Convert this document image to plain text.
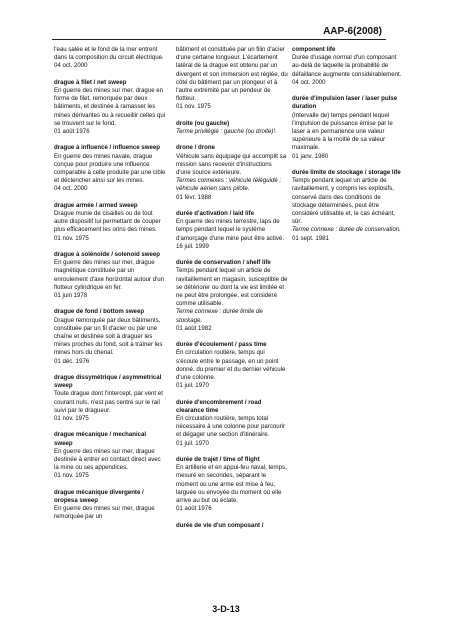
AAP-6(2008)
l'eau salée et le fond de la mer entrent dans la composition du circuit électrique.
04 oct. 2000
drague à filet / net sweep
En guerre des mines sur mer, drague en forme de filet, remorquée par deux bâtiments, et destinée à ramasser les mines dérivantes ou à recueillir celles qui se trouvent sur le fond.
01 août 1976
drague à influence / influence sweep
En guerre des mines navale, drague conçue pour produire une influence comparable à celle produite par une cible et déclencher ainsi sur les mines.
04 oct. 2000
drague armée / armed sweep
Drague munie de cisailles ou de tout autre dispositif lui permettant de couper plus efficacement les orins des mines.
01 nov. 1975
drague à solénoïde / solenoid sweep
En guerre des mines sur mer, drague magnétique constituée par un enroulement d'axe horizontal autour d'un flotteur cylindrique en fer.
01 juin 1978
drague de fond / bottom sweep
Drague remorquée par deux bâtiments, constituée par un fil d'acier ou par une chaîne et destinée soit à draguer les mines proches du fond, soit à traîner les mines hors du chenal.
01 déc. 1976
drague dissymétrique / asymmetrical sweep
Toute drague dont l'intercept, par vent et courant nuls, n'est pas centré sur le rail suivi par le dragueur.
01 nov. 1975
drague mécanique / mechanical sweep
En guerre des mines sur mer, drague destinée à entrer en contact direct avec la mine ou ses appendices.
01 nov. 1975
drague mécanique divergente / oropesa sweep
En guerre des mines sur mer, drague remorquée par un
bâtiment et constituée par un filin d'acier d'une certaine longueur. L'écartement latéral de la drague est obtenu par un divergent et son immersion est réglée, du côté du bâtiment par un plongeur et à l'autre extrémité par un pendeur de flotteur.
01 nov. 1975
droite (ou gauche)
Terme privilégié : gauche (ou droite)¹.
drone / drone
Véhicule sans équipage qui accomplit sa mission sans recevoir d'instructions d'une source extérieure.
Termes connexes : véhicule téléguidé ; véhicule aérien sans pilote.
01 févr. 1988
durée d'activation / laid life
En guerre des mines terrestre, laps de temps pendant lequel le système d'amorçage d'une mine peut être activé.
16 juil. 1999
durée de conservation / shelf life
Temps pendant lequel un article de ravitaillement en magasin, susceptible de se détériorer ou dont la vie est limitée et ne peut être prolongée, est considéré comme utilisable.
Terme connexe : durée limite de stockage.
01 août 1982
durée d'écoulement / pass time
En circulation routière, temps qui s'écoule entre le passage, en un point donné, du premier et du dernier véhicule d'une colonne.
01 juil. 1970
durée d'encombrement / road clearance time
En circulation routière, temps total nécessaire à une colonne pour parcourir et dégager une section d'itinéraire.
01 juil. 1970
durée de trajet / time of flight
En artillerie et en appui-feu naval, temps, mesuré en secondes, séparant le moment où une arme est mise à feu, larguée ou envoyée du moment où elle arrive au but ou éclate.
01 août 1976
durée de vie d'un composant /
component life
Durée d'usage normal d'un composant au-delà de laquelle la probabilité de défaillance augmente considérablement.
04 oct. 2000
durée d'impulsion laser / laser pulse duration
(Intervalle de) temps pendant lequel l'impulsion de puissance émise par le laser a en permanence une valeur supérieure à la moitié de sa valeur maximale.
01 janv. 1980
durée limite de stockage / storage life
Temps pendant lequel un article de ravitaillement, y compris les explosifs, conservé dans des conditions de stockage déterminées, peut être considéré utilisable et, le cas échéant, sûr.
Terme connexe : durée de conservation.
01 sept. 1981
3-D-13
